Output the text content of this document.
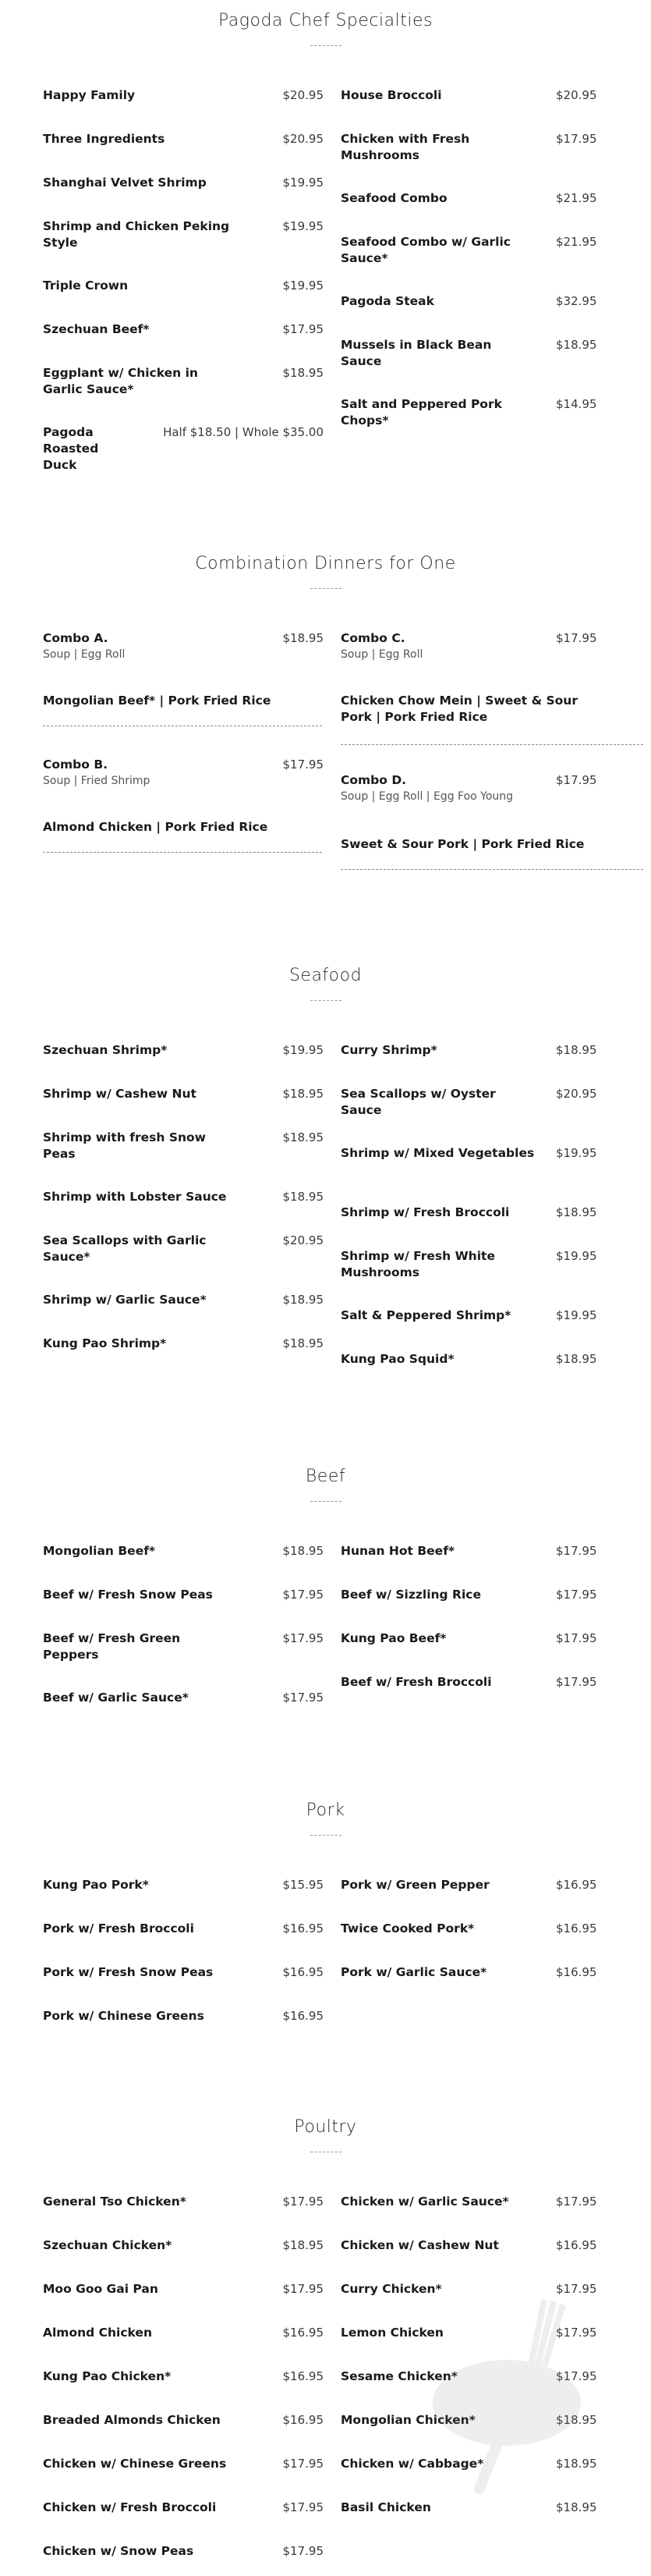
Pagoda Chef Specialties
Happy Family	$20.95
Three Ingredients	$20.95
Shanghai Velvet Shrimp	$19.95
Shrimp and Chicken Peking Style
$19.95
Triple Crown	$19.95
Szechuan Beef*	$17.95
Eggplant w/ Chicken in Garlic Sauce*
$18.95
Pagoda Roasted Duck
Half $18.50 | Whole $35.00
House Broccoli	$20.95
Chicken with Fresh Mushrooms
$17.95
Seafood Combo	$21.95
Seafood Combo w/ Garlic Sauce*
$21.95
Pagoda Steak	$32.95
Mussels in Black Bean Sauce
$18.95
Salt and Peppered Pork Chops*
$14.95
Combination Dinners for One
Combo A.	$18.95
Soup | Egg Roll
Mongolian Beef* | Pork Fried Rice
Combo B.	$17.95
Soup | Fried Shrimp
Almond Chicken | Pork Fried Rice
Combo C.	$17.95
Soup | Egg Roll
Chicken Chow Mein | Sweet & Sour Pork | Pork Fried Rice
Combo D.	$17.95
Soup | Egg Roll | Egg Foo Young
Sweet & Sour Pork | Pork Fried Rice
Seafood
Szechuan Shrimp*	$19.95
Shrimp w/ Cashew Nut	$18.95
Shrimp with fresh Snow Peas
$18.95
Shrimp with Lobster Sauce	$18.95
Sea Scallops with Garlic Sauce*
$20.95
Shrimp w/ Garlic Sauce*	$18.95
Kung Pao Shrimp*	$18.95
Curry Shrimp*	$18.95
Sea Scallops w/ Oyster Sauce
$20.95
Shrimp w/ Mixed Vegetables $19.95
Shrimp w/ Fresh Broccoli	$18.95
Shrimp w/ Fresh White Mushrooms
$19.95
Salt & Peppered Shrimp*	$19.95
Kung Pao Squid*	$18.95
Beef
Mongolian Beef*	$18.95
Beef w/ Fresh Snow Peas	$17.95
Beef w/ Fresh Green Peppers
$17.95
Beef w/ Garlic Sauce*	$17.95
Hunan Hot Beef*	$17.95
Beef w/ Sizzling Rice	$17.95
Kung Pao Beef*	$17.95
Beef w/ Fresh Broccoli	$17.95
Pork
Kung Pao Pork*	$15.95
Pork w/ Fresh Broccoli	$16.95
Pork w/ Fresh Snow Peas	$16.95
Pork w/ Chinese Greens	$16.95
Pork w/ Green Pepper	$16.95
Twice Cooked Pork*	$16.95
Pork w/ Garlic Sauce*	$16.95
Poultry
General Tso Chicken*	$17.95
Szechuan Chicken*	$18.95
Moo Goo Gai Pan	$17.95
Almond Chicken	$16.95
Kung Pao Chicken*	$16.95
Breaded Almonds Chicken	$16.95
Chicken w/ Chinese Greens	$17.95
Chicken w/ Fresh Broccoli	$17.95
Chicken w/ Snow Peas	$17.95
Chicken w/ Garlic Sauce*	$17.95
Chicken w/ Cashew Nut	$16.95
Curry Chicken*	$17.95
Lemon Chicken	$17.95
Sesame Chicken*	$17.95
Mongolian Chicken*	$18.95
Chicken w/ Cabbage*	$18.95
Basil Chicken	$18.95
